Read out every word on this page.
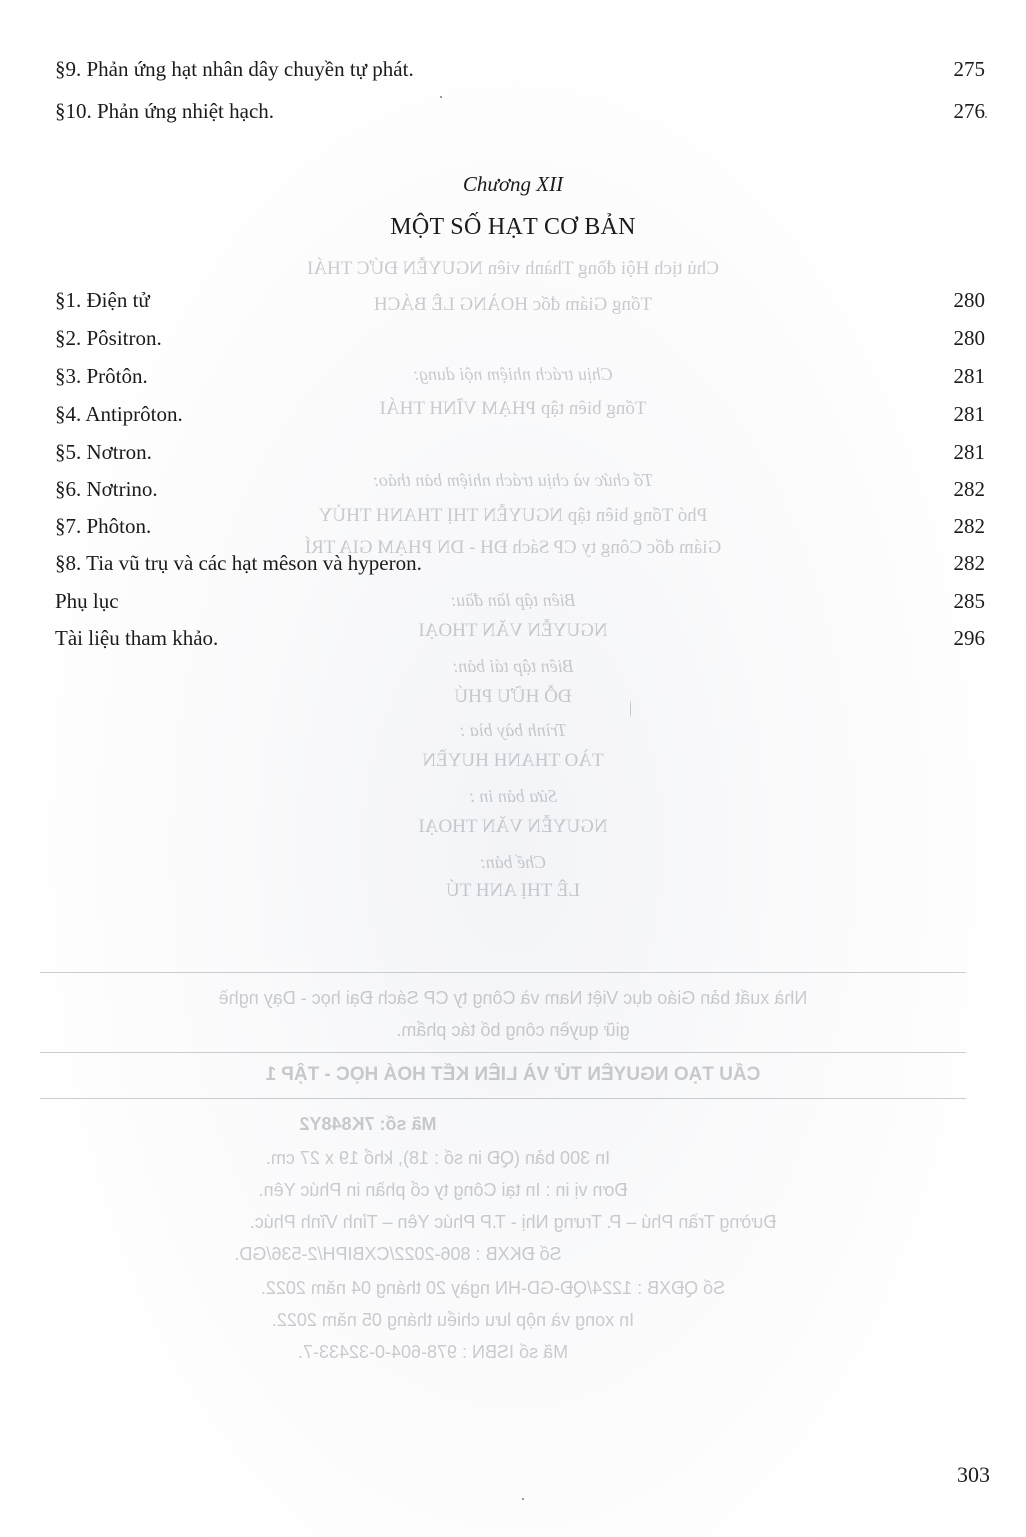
Chủ tịch Hội đồng Thành viên NGUYỄN ĐỨC THÁI
Tổng Giám đốc HOÀNG LÊ BÁCH
Chịu trách nhiệm nội dung:
Tổng biên tập PHẠM VĨNH THÁI
Tổ chức và chịu trách nhiệm bản thảo:
Phó Tổng biên tập NGUYỄN THỊ THANH THỦY
Giám đốc Công ty CP Sách ĐH - DN PHẠM GIA TRÍ
Biên tập lần đầu:
NGUYỄN VĂN THOẠI
Biên tập tái bản:
ĐỖ HỮU PHÚ
Trình bày bìa :
TÀO THANH HUYỀN
Sửa bản in :
NGUYỄN VĂN THOẠI
Chế bản:
LÊ THỊ ANH TÚ
Nhà xuất bản Giáo dục Việt Nam và Công ty CP Sách Đại học - Dạy nghề
giữ quyền công bố tác phẩm.
CẤU TẠO NGUYÊN TỬ VÀ LIÊN KẾT HOÁ HỌC - TẬP 1
Mã số: 7K848Y2
In 300 bản (QĐ in số : 18), khổ 19 x 27 cm.
Đơn vị in : In tại Công ty cổ phần in Phúc Yên.
Đường Trần Phú – P. Trưng Nhị - T.P Phúc Yên – Tỉnh Vĩnh Phúc.
Số ĐKXB : 806-2022/CXBIPH/2-536/GD.
Số QĐXB : 1224/QĐ-GD-HN ngày 20 tháng 04 năm 2022.
In xong và nộp lưu chiểu tháng 05 năm 2022.
Mã số ISBN : 978-604-0-32433-7.
§9. Phản ứng hạt nhân dây chuyền tự phát.	275
§10. Phản ứng nhiệt hạch.	276
Chương XII
MỘT SỐ HẠT CƠ BẢN
§1. Điện tử	280
§2. Pôsitron.	280
§3. Prôtôn.	281
§4. Antiprôton.	281
§5. Nơtron.	281
§6. Nơtrino.	282
§7. Phôton.	282
§8. Tia vũ trụ và các hạt mêson và hyperon.	282
Phụ lục	285
Tài liệu tham khảo.	296
303
